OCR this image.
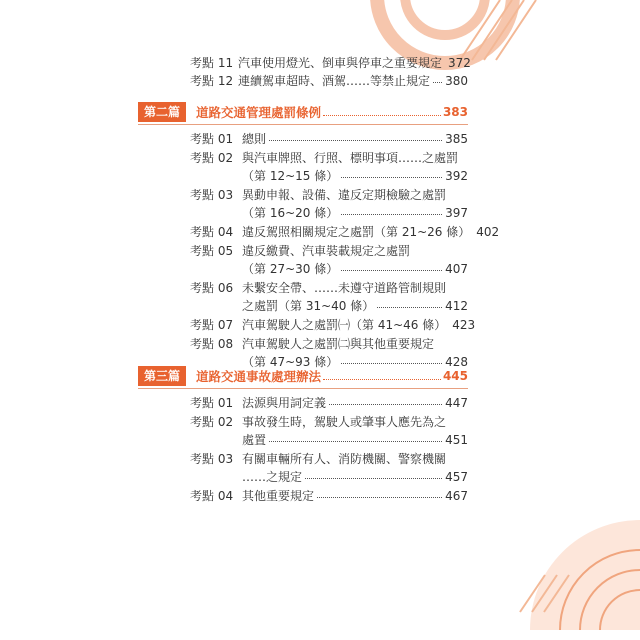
考點 11 汽車使用燈光、倒車與停車之重要規定 372
考點 12 連續駕車超時、酒駕……等禁止規定 380
第二篇	道路交通管理處罰條例	383
考點 01 總則	385
考點 02 與汽車牌照、行照、標明事項……之處罰
（第 12~15 條）	392
考點 03 異動申報、設備、違反定期檢驗之處罰
（第 16~20 條）	397
考點 04 違反駕照相關規定之處罰（第 21~26 條） 402
考點 05 違反繳費、汽車裝載規定之處罰
（第 27~30 條）	407
考點 06 未繫安全帶、……未遵守道路管制規則
之處罰（第 31~40 條）	412
考點 07 汽車駕駛人之處罰㈠（第 41~46 條） 423
考點 08 汽車駕駛人之處罰㈡與其他重要規定
（第 47~93 條）	428
第三篇	道路交通事故處理辦法	445
考點 01 法源與用詞定義	447
考點 02 事故發生時，駕駛人或肇事人應先為之
處置	451
考點 03 有關車輛所有人、消防機關、警察機關
……之規定	457
考點 04 其他重要規定	467
